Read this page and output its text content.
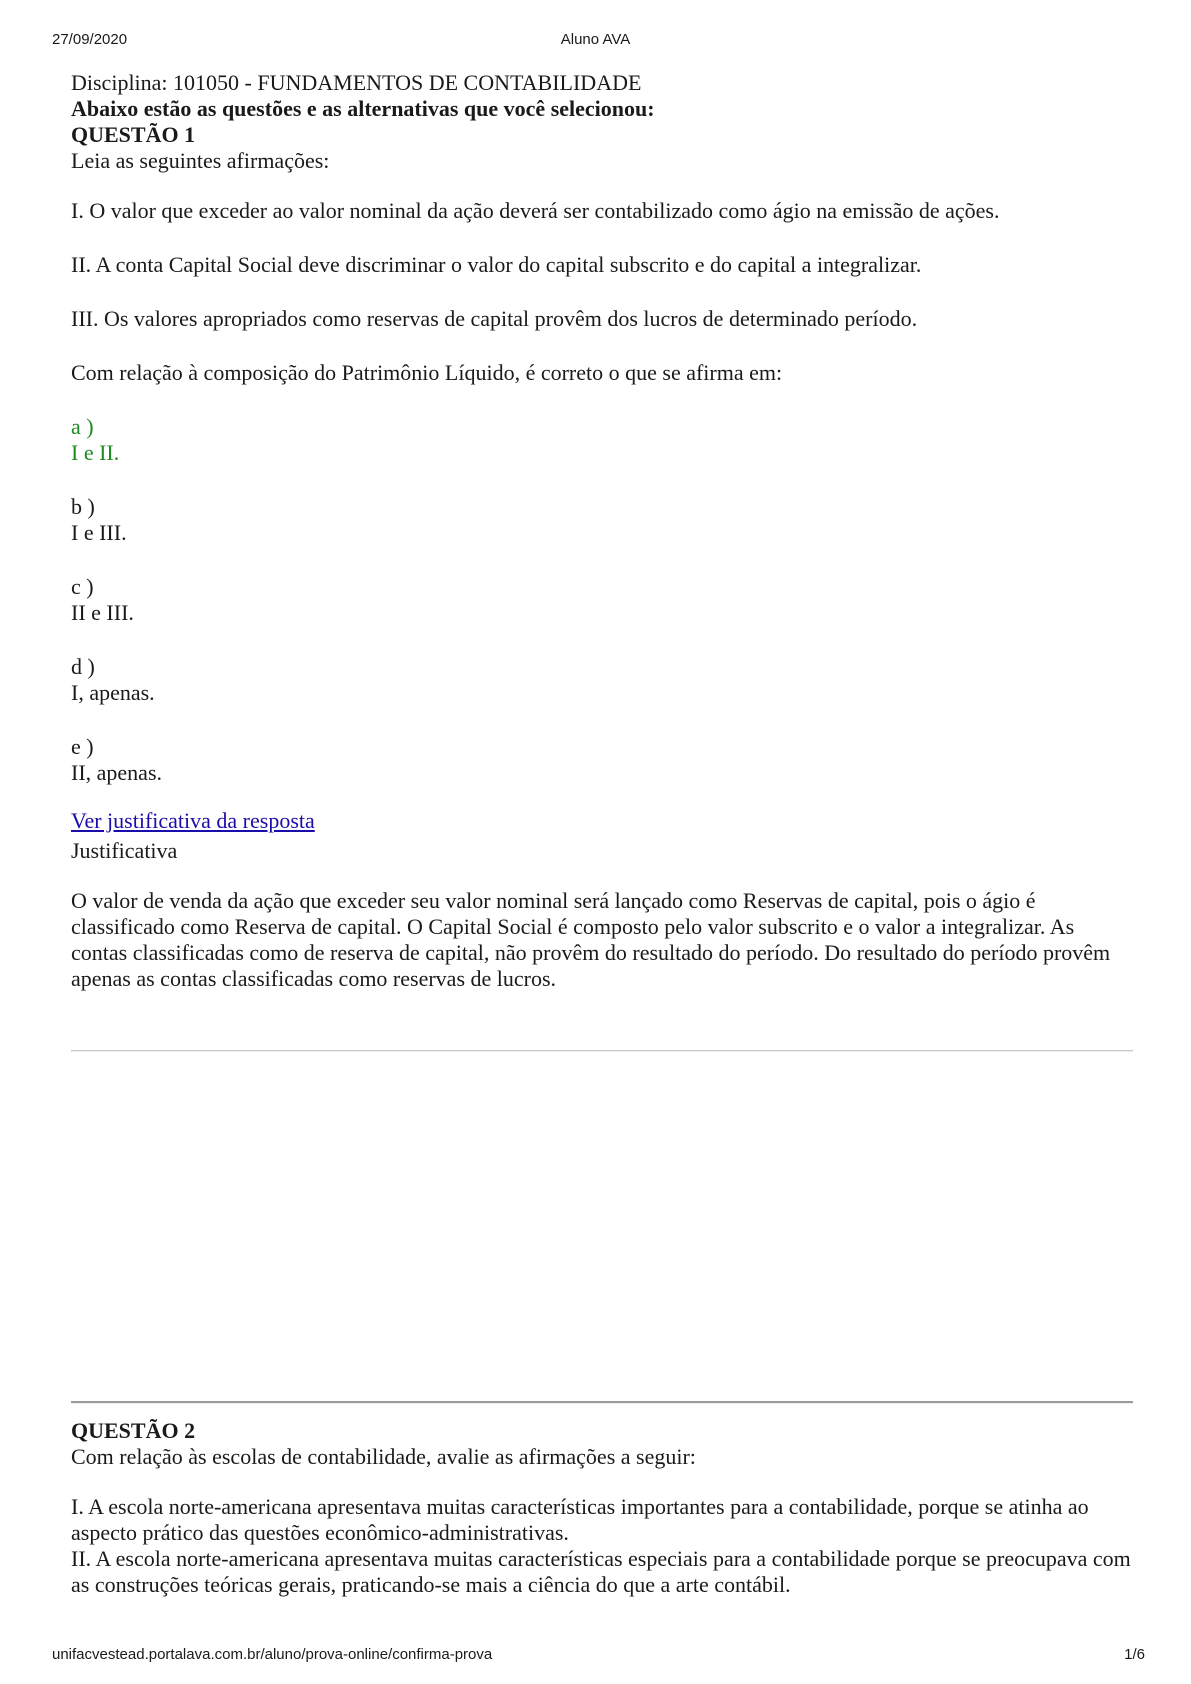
27/09/2020	Aluno AVA

Disciplina: 101050 - FUNDAMENTOS DE CONTABILIDADE

Abaixo estão as questões e as alternativas que você selecionou:

QUESTÃO 1

Leia as seguintes afirmações:

I. O valor que exceder ao valor nominal da ação deverá ser contabilizado como ágio na emissão de ações.

II. A conta Capital Social deve discriminar o valor do capital subscrito e do capital a integralizar.

III. Os valores apropriados como reservas de capital provêm dos lucros de determinado período.

Com relação à composição do Patrimônio Líquido, é correto o que se afirma em:

a )

I e II.

b )

I e III.

c )

II e III.

d )

I, apenas.

e )

II, apenas.

Ver justificativa da resposta

Justificativa

O valor de venda da ação que exceder seu valor nominal será lançado como Reservas de capital, pois o ágio é classificado como Reserva de capital. O Capital Social é composto pelo valor subscrito e o valor a integralizar. As contas classificadas como de reserva de capital, não provêm do resultado do período. Do resultado do período provêm apenas as contas classificadas como reservas de lucros.

QUESTÃO 2

Com relação às escolas de contabilidade, avalie as afirmações a seguir:

I. A escola norte-americana apresentava muitas características importantes para a contabilidade, porque se atinha ao aspecto prático das questões econômico-administrativas.

II. A escola norte-americana apresentava muitas características especiais para a contabilidade porque se preocupava com as construções teóricas gerais, praticando-se mais a ciência do que a arte contábil.

unifacvestead.portalava.com.br/aluno/prova-online/confirma-prova	1/6
